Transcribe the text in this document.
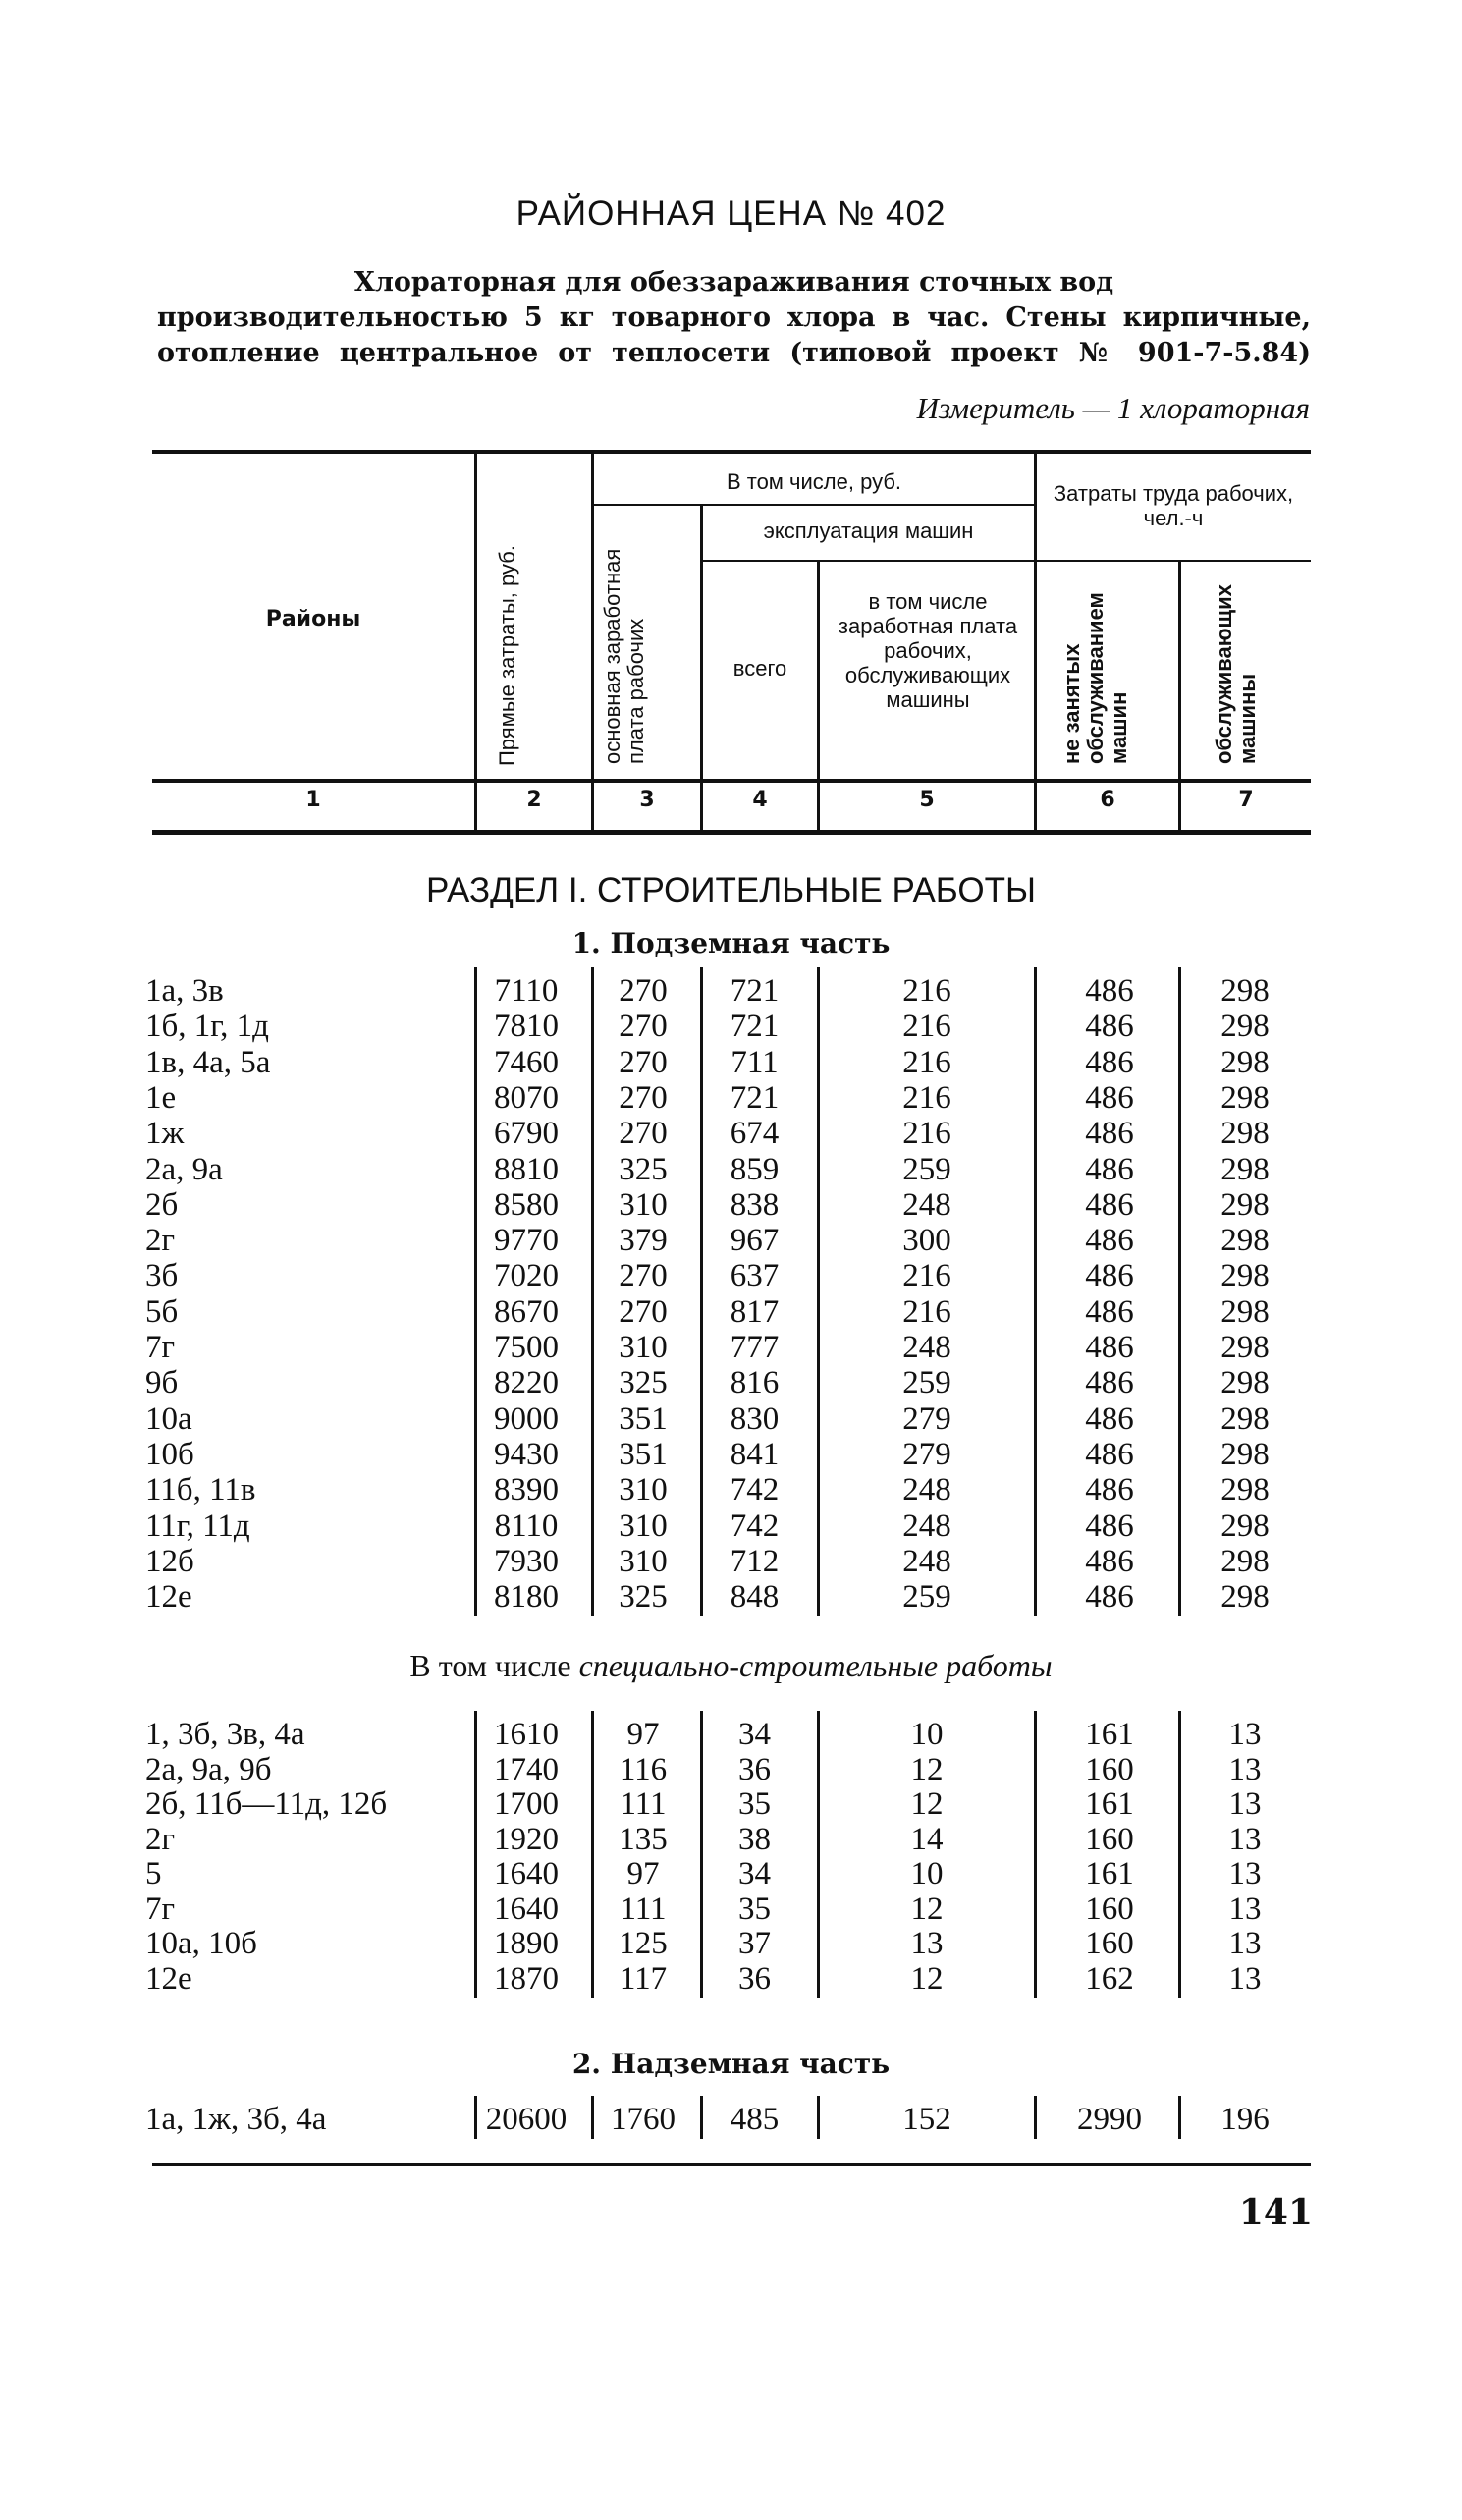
РАЙОННАЯ ЦЕНА № 402
Хлораторная для обеззараживания сточных вод
производительностью 5 кг товарного хлора в час. Стены кирпичные,
отопление центральное от теплосети (типовой проект № 901-7-5.84)
Измеритель — 1 хлораторная
Районы
В том числе, руб.
эксплуатация машин
всего
в том числе заработная плата рабочих, обслуживающих машины
Затраты труда рабочих, чел.-ч
Прямые затраты, руб.	основная заработная плата рабочих	не занятых обслуживанием машин	обслуживающих машины
1	2	3	4	5	6	7
РАЗДЕЛ I. СТРОИТЕЛЬНЫЕ РАБОТЫ
1. Подземная часть
В том числе специально-строительные работы
2. Надземная часть
1а, 3в	7110	270	721	216	486	298
1б, 1г, 1д	7810	270	721	216	486	298
1в, 4а, 5а	7460	270	711	216	486	298
1е	8070	270	721	216	486	298
1ж	6790	270	674	216	486	298
2а, 9а	8810	325	859	259	486	298
2б	8580	310	838	248	486	298
2г	9770	379	967	300	486	298
3б	7020	270	637	216	486	298
5б	8670	270	817	216	486	298
7г	7500	310	777	248	486	298
9б	8220	325	816	259	486	298
10а	9000	351	830	279	486	298
10б	9430	351	841	279	486	298
11б, 11в	8390	310	742	248	486	298
11г, 11д	8110	310	742	248	486	298
12б	7930	310	712	248	486	298
12е	8180	325	848	259	486	298
1, 3б, 3в, 4а	1610	97	34	10	161	13
2а, 9а, 9б	1740	116	36	12	160	13
2б, 11б—11д, 12б	1700	111	35	12	161	13
2г	1920	135	38	14	160	13
5	1640	97	34	10	161	13
7г	1640	111	35	12	160	13
10а, 10б	1890	125	37	13	160	13
12е	1870	117	36	12	162	13
1а, 1ж, 3б, 4а	20600	1760	485	152	2990	196
141
